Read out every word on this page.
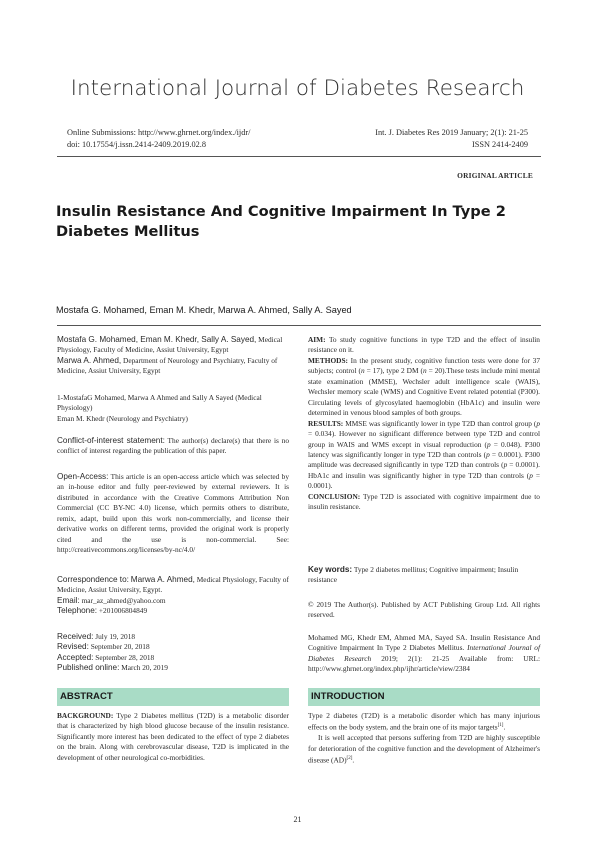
International Journal of Diabetes Research
Online Submissions: http://www.ghrnet.org/index./ijdr/
doi: 10.17554/j.issn.2414-2409.2019.02.8
Int. J. Diabetes Res 2019 January; 2(1): 21-25
ISSN 2414-2409
ORIGINAL ARTICLE
Insulin Resistance And Cognitive Impairment In Type 2 Diabetes Mellitus
Mostafa G. Mohamed, Eman M. Khedr, Marwa A. Ahmed, Sally A. Sayed

Mostafa G. Mohamed, Eman M. Khedr, Sally A. Sayed, Medical Physiology, Faculty of Medicine, Assiut University, Egypt

Marwa A. Ahmed, Department of Neurology and Psychiatry, Faculty of Medicine, Assiut University, Egypt

1-MostafaG Mohamed, Marwa A Ahmed and Sally A Sayed (Medical Physiology)

Eman M. Khedr (Neurology and Psychiatry)

Conflict-of-interest statement: The author(s) declare(s) that there is no conflict of interest regarding the publication of this paper.
Open-Access: This article is an open-access article which was selected by an in-house editor and fully peer-reviewed by external reviewers. It is distributed in accordance with the Creative Commons Attribution Non Commercial (CC BY-NC 4.0) license, which permits others to distribute, remix, adapt, build upon this work non-commercially, and license their derivative works on different terms, provided the original work is properly cited and the use is non-commercial. See: http://creativecommons.org/licenses/by-nc/4.0/

Correspondence to: Marwa A. Ahmed, Medical Physiology, Faculty of Medicine, Assiut University, Egypt.

Email: mar_az_ahmed@yahoo.com

Telephone: +201006804849

Received: July 19, 2018

Revised: September 20, 2018

Accepted: September 28, 2018

Published online: March 20, 2019

ABSTRACT
BACKGROUND: Type 2 Diabetes mellitus (T2D) is a metabolic disorder that is characterized by high blood glucose because of the insulin resistance. Significantly more interest has been dedicated to the effect of type 2 diabetes on the brain. Along with cerebrovascular disease, T2D is implicated in the development of other neurological co-morbidities.

AIM: To study cognitive functions in type T2D and the effect of insulin resistance on it.

METHODS: In the present study, cognitive function tests were done for 37 subjects; control (n = 17), type 2 DM (n = 20).These tests include mini mental state examination (MMSE), Wechsler adult intelligence scale (WAIS), Wechsler memory scale (WMS) and Cognitive Event related potential (P300). Circulating levels of glycosylated haemoglobin (HbA1c) and insulin were determined in venous blood samples of both groups.

RESULTS: MMSE was significantly lower in type T2D than control group (p = 0.034). However no significant difference between type T2D and control group in WAIS and WMS except in visual reproduction (p = 0.048). P300 latency was significantly longer in type T2D than controls (p = 0.0001). P300 amplitude was decreased significantly in type T2D than controls (p = 0.0001). HbA1c and insulin was significantly higher in type T2D than controls (p = 0.0001).

CONCLUSION: Type T2D is associated with cognitive impairment due to insulin resistance.

Key words: Type 2 diabetes mellitus; Cognitive impairment; Insulin resistance
© 2019 The Author(s). Published by ACT Publishing Group Ltd. All rights reserved.
Mohamed MG, Khedr EM, Ahmed MA, Sayed SA. Insulin Resistance And Cognitive Impairment In Type 2 Diabetes Mellitus. International Journal of Diabetes Research 2019; 2(1): 21-25 Available from: URL: http://www.ghrnet.org/index.php/ijhr/article/view/2384
INTRODUCTION

Type 2 diabetes (T2D) is a metabolic disorder which has many injurious effects on the body system, and the brain one of its major targets[1].

It is well accepted that persons suffering from T2D are highly susceptible for deterioration of the cognitive function and the development of Alzheimer's disease (AD)[2].

21
